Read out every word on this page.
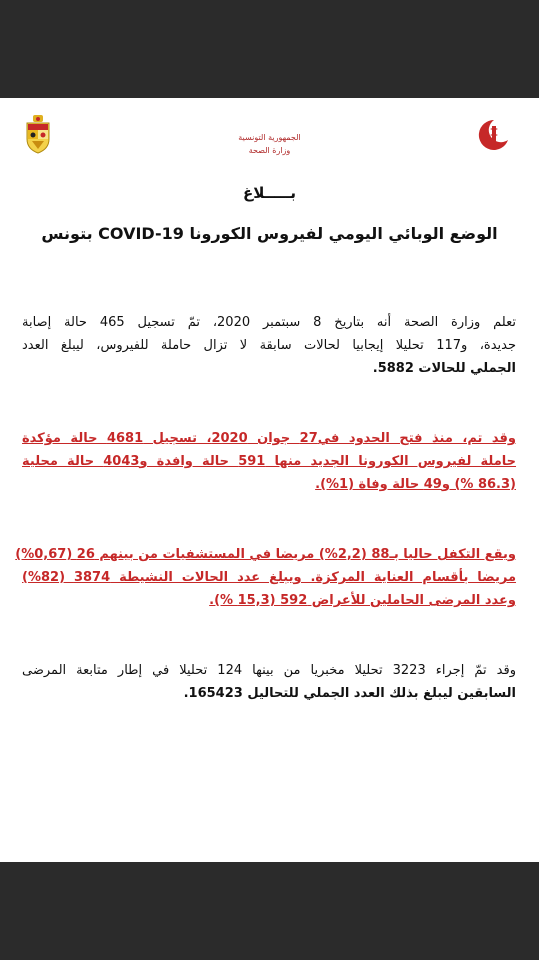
الجمهورية التونسية
وزارة الصحة
بـــــلاغ
الوضع الوبائي اليومي لفيروس الكورونا COVID-19 بتونس
تعلم وزارة الصحة أنه بتاريخ 8 سبتمبر 2020، تمّ تسجيل 465 حالة إصابة
جديدة، و117 تحليلا إيجابيا لحالات سابقة لا تزال حاملة للفيروس، ليبلغ العدد
الجملي للحالات 5882.
وقد تم، منذ فتح الحدود في27 جوان 2020، تسجيل 4681 حالة مؤكدة
حاملة لفيروس الكورونا الجديد منها 591 حالة وافدة و4043 حالة محلية
(86.3 %) و49 حالة وفاة (1%).
ويقع التكفل حاليا بـ88 (2,2%) مريضا في المستشفيات من بينهم 26 (0,67%)
مريضا بأقسام العناية المركزة. ويبلغ عدد الحالات النشيطة 3874 (82%)
وعدد المرضى الحاملين للأعراض 592 (15,3 %).
وقد تمّ إجراء 3223 تحليلا مخبريا من بينها 124 تحليلا في إطار متابعة المرضى
السابقين ليبلغ بذلك العدد الجملي للتحاليل 165423.
